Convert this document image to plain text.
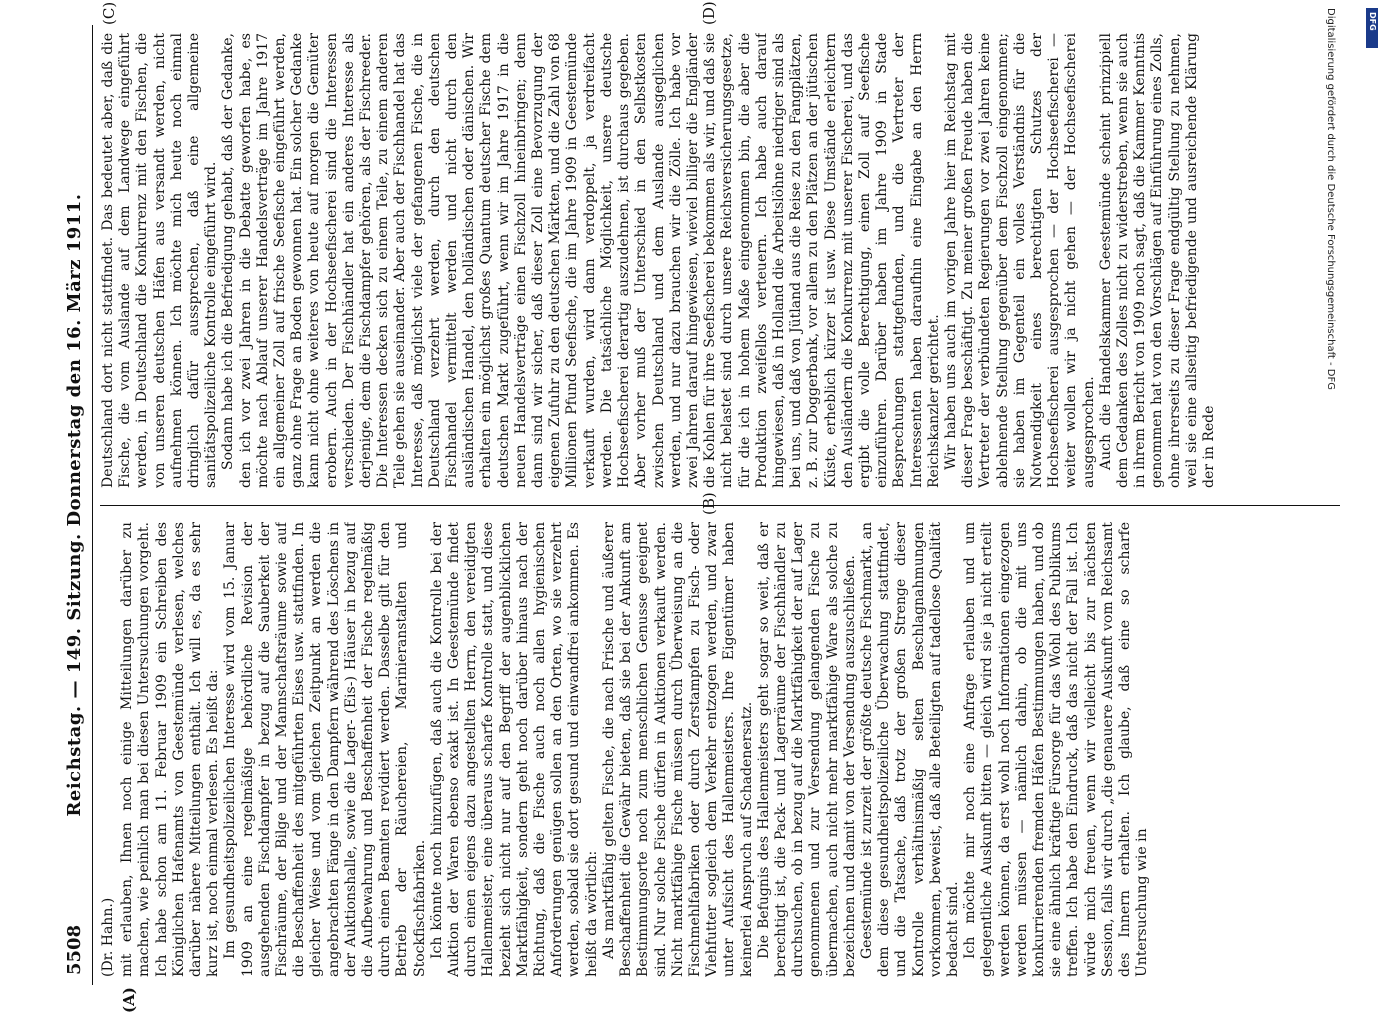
5508
Reichstag. — 149. Sitzung. Donnerstag den 16. März 1911.
(A)
(B)
(C)	(D)
(Dr. Hahn.) mit erlauben, Ihnen noch einige Mitteilungen darüber zu machen, wie peinlich man bei diesen Untersuchungen vorgeht. Ich habe schon am 11. Februar 1909 ein Schreiben des Königlichen Hafenamts von Geestemünde verlesen, welches darüber nähere Mitteilungen enthält. Ich will es, da es sehr kurz ist, noch einmal verlesen. Es heißt da: Im gesundheitspolizeilichen Interesse wird vom 15. Januar 1909 an eine regelmäßige behördliche Revision der ausgehenden Fischdampfer in bezug auf die Sauberkeit der Fischräume, der Bilge und der Mannschaftsräume sowie auf die Beschaffenheit des mitgeführten Eises usw. stattfinden. In gleicher Weise und vom gleichen Zeitpunkt an werden die angebrachten Fänge in den Dampfern während des Löschens in der Auktionshalle, sowie die Lager- (Eis-) Häuser in bezug auf die Aufbewahrung und Beschaffenheit der Fische regelmäßig durch einen Beamten revidiert werden. Dasselbe gilt für den Betrieb der Räuchereien, Marinieranstalten und Stockfischfabriken. Ich könnte noch hinzufügen, daß auch die Kontrolle bei der Auktion der Waren ebenso exakt ist. In Geestemünde findet durch einen eigens dazu angestellten Herrn, den vereidigten Hallenmeister, eine überaus scharfe Kontrolle statt, und diese bezieht sich nicht nur auf den Begriff der augenblicklichen Marktfähigkeit, sondern geht noch darüber hinaus nach der Richtung, daß die Fische auch noch allen hygienischen Anforderungen genügen sollen an den Orten, wo sie verzehrt werden, sobald sie dort gesund und einwandfrei ankommen. Es heißt da wörtlich: Als marktfähig gelten Fische, die nach Frische und äußerer Beschaffenheit die Gewähr bieten, daß sie bei der Ankunft am Bestimmungsorte noch zum menschlichen Genusse geeignet sind. Nur solche Fische dürfen in Auktionen verkauft werden. Nicht marktfähige Fische müssen durch Überweisung an die Fischmehlfabriken oder durch Zerstampfen zu Fisch- oder Viehfutter sogleich dem Verkehr entzogen werden, und zwar unter Aufsicht des Hallenmeisters. Ihre Eigentümer haben keinerlei Anspruch auf Schadenersatz. Die Befugnis des Hallenmeisters geht sogar so weit, daß er berechtigt ist, die Pack- und Lagerräume der Fischhändler zu durchsuchen, ob in bezug auf die Marktfähigkeit der auf Lager genommenen und zur Versendung gelangenden Fische zu übermachen, auch nicht mehr marktfähige Ware als solche zu bezeichnen und damit von der Versendung auszuschließen. Geestemünde ist zurzeit der größte deutsche Fischmarkt, an dem diese gesundheitspolizeiliche Überwachung stattfindet, und die Tatsache, daß trotz der großen Strenge dieser Kontrolle verhältnismäßig selten Beschlagnahmungen vorkommen, beweist, daß alle Beteiligten auf tadellose Qualität bedacht sind. Ich möchte mir noch eine Anfrage erlauben und um gelegentliche Auskunft bitten — gleich wird sie ja nicht erteilt werden können, da erst wohl noch Informationen eingezogen werden müssen — nämlich dahin, ob die mit uns konkurrierenden fremden Häfen Bestimmungen haben, und ob sie eine ähnlich kräftige Fürsorge für das Wohl des Publikums treffen. Ich habe den Eindruck, daß das nicht der Fall ist. Ich würde mich freuen, wenn wir vielleicht bis zur nächsten Session, falls wir durch „die genauere Auskunft vom Reichsamt des Innern erhalten. Ich glaube, daß eine so scharfe Untersuchung wie in

Deutschland dort nicht stattfindet. Das bedeutet aber, daß die Fische, die vom Auslande auf dem Landwege eingeführt werden, in Deutschland die Konkurrenz mit den Fischen, die von unseren deutschen Häfen aus versandt werden, nicht aufnehmen können. Ich möchte mich heute noch einmal dringlich dafür aussprechen, daß eine allgemeine sanitätspolizeiliche Kontrolle eingeführt wird. Sodann habe ich die Befriedigung gehabt, daß der Gedanke, den ich vor zwei Jahren in die Debatte geworfen habe, es möchte nach Ablauf unserer Handelsverträge im Jahre 1917 ein allgemeiner Zoll auf frische Seefische eingeführt werden, ganz ohne Frage an Boden gewonnen hat. Ein solcher Gedanke kann nicht ohne weiteres von heute auf morgen die Gemüter erobern. Auch in der Hochseefischerei sind die Interessen verschieden. Der Fischhändler hat ein anderes Interesse als derjenige, dem die Fischdampfer gehören, als der Fischreeder. Die Interessen decken sich zu einem Teile, zu einem anderen Teile gehen sie auseinander. Aber auch der Fischhandel hat das Interesse, daß möglichst viele der gefangenen Fische, die in Deutschland verzehrt werden, durch den deutschen Fischhandel vermittelt werden und nicht durch den ausländischen Handel, den holländischen oder dänischen. Wir erhalten ein möglichst großes Quantum deutscher Fische dem deutschen Markt zugeführt, wenn wir im Jahre 1917 in die neuen Handelsverträge einen Fischzoll hineinbringen; denn dann sind wir sicher, daß dieser Zoll eine Bevorzugung der eigenen Zufuhr zu den deutschen Märkten, und die Zahl von 68 Millionen Pfund Seefische, die im Jahre 1909 in Geestemünde verkauft wurden, wird dann verdoppelt, ja verdreifacht werden. Die tatsächliche Möglichkeit, unsere deutsche Hochseefischerei derartig auszudehnen, ist durchaus gegeben. Aber vorher muß der Unterschied in den Selbstkosten zwischen Deutschland und dem Auslande ausgeglichen werden, und nur dazu brauchen wir die Zölle. Ich habe vor zwei Jahren darauf hingewiesen, wieviel billiger die Engländer die Kohlen für ihre Seefischerei bekommen als wir, und daß sie nicht belastet sind durch unsere Reichsversicherungsgesetze, für die ich in hohem Maße eingenommen bin, die aber die Produktion zweifellos verteuern. Ich habe auch darauf hingewiesen, daß in Holland die Arbeitslöhne niedriger sind als bei uns, und daß von Jütland aus die Reise zu den Fangplätzen, z. B. zur Doggerbank, vor allem zu den Plätzen an der jütischen Küste, erheblich kürzer ist usw. Diese Umstände erleichtern den Ausländern die Konkurrenz mit unserer Fischerei, und das ergibt die volle Berechtigung, einen Zoll auf Seefische einzuführen. Darüber haben im Jahre 1909 in Stade Besprechungen stattgefunden, und die Vertreter der Interessenten haben daraufhin eine Eingabe an den Herrn Reichskanzler gerichtet. Wir haben uns auch im vorigen Jahre hier im Reichstag mit dieser Frage beschäftigt. Zu meiner großen Freude haben die Vertreter der verbündeten Regierungen vor zwei Jahren keine ablehnende Stellung gegenüber dem Fischzoll eingenommen; sie haben im Gegenteil ein volles Verständnis für die Notwendigkeit eines berechtigten Schutzes der Hochseefischerei ausgesprochen — der Hochseefischerei — weiter wollen wir ja nicht gehen — der Hochseefischerei ausgesprochen. Auch die Handelskammer Geestemünde scheint prinzipiell dem Gedanken des Zolles nicht zu widerstreben, wenn sie auch in ihrem Bericht von 1909 noch sagt, daß die Kammer Kenntnis genommen hat von den Vorschlägen auf Einführung eines Zolls, ohne ihrerseits zu dieser Frage endgültig Stellung zu nehmen, weil sie eine allseitig befriedigende und ausreichende Klärung der in Rede

Digitalisierung gefördert durch die Deutsche Forschungsgemeinschaft - DFG	DFG
